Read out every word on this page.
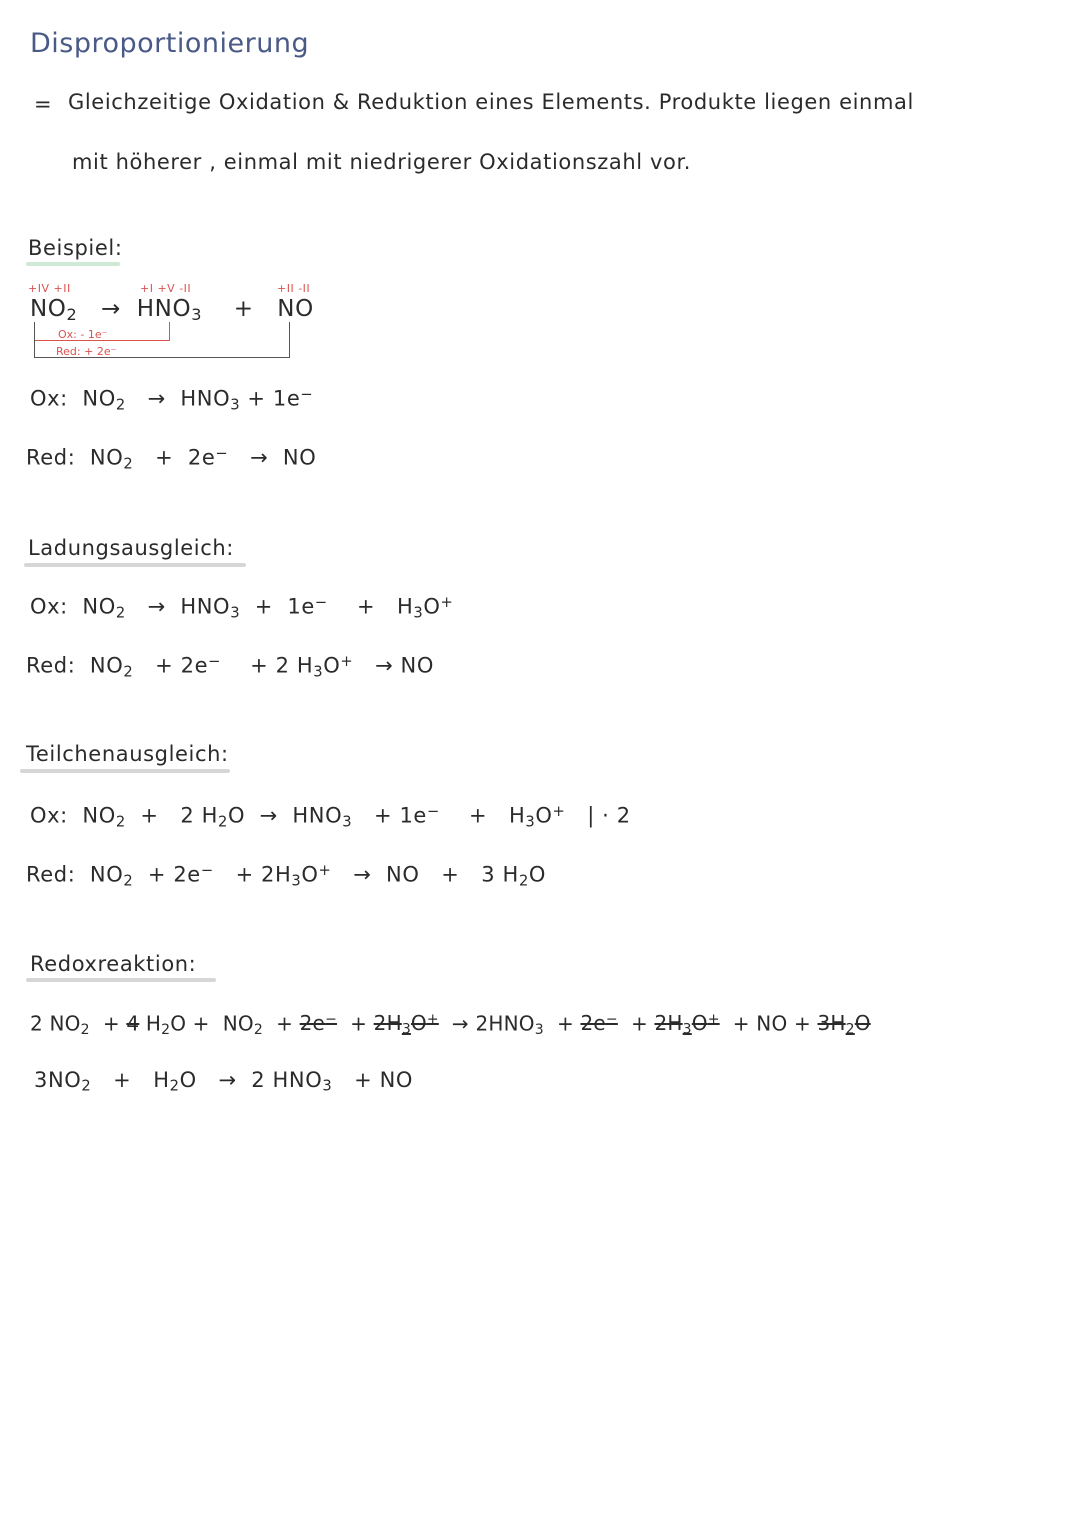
Disproportionierung
= Gleichzeitige Oxidation & Reduktion eines Elements. Produkte liegen einmal
mit höherer , einmal mit niedrigerer Oxidationszahl vor.
Beispiel:
+IV +II	+I +V -II	+II -II
$NO_2 \to HNO_3$    +   NO
Ox: - 1e⁻
Red: + 2e⁻
Ox:  $NO_2 \to HNO_3 + 1e^-$
Red:  $NO_2 + 2e^-$   →  NO
Ladungsausgleich:
Ox:  $NO_2 \to HNO_3 + 1e^-$    +   $H_3O^+$
Red:  $NO_2 + 2e^-$    + 2 $H_3O^+$   → NO
Teilchenausgleich:
Ox:  $NO_2 + 2$ $H_2O \to HNO_3 + 1e^-$    +   $H_3O^+$ | · 2
Red:  $NO_2 + 2e^- + 2H_3O^+$   →  NO   +   3 $H_2O$
Redoxreaktion:
2 $NO_2 + 4$ $H_2O + NO_2 + 2e^- + 2H_3O^+ \to 2HNO_3 + 2e^- + 2H_3O^+$  + NO + $3H_2O$
$3NO_2 + H_2O \to 2$ $HNO_3$   + NO
